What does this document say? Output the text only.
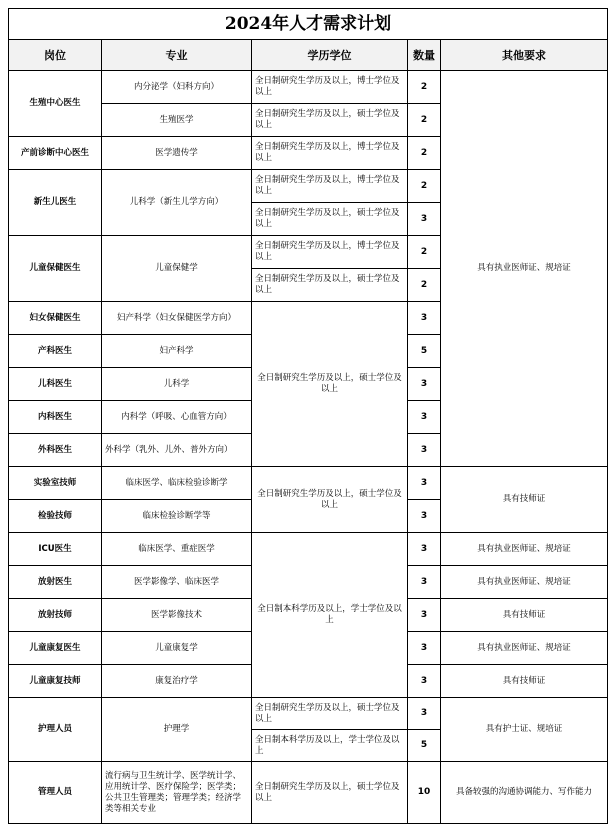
2024年人才需求计划				
岗位	专业	学历学位	数量	其他要求
生殖中心医生	内分泌学（妇科方向）	全日制研究生学历及以上，博士学位及以上	2	具有执业医师证、规培证
	生殖医学	全日制研究生学历及以上，硕士学位及以上	2	
产前诊断中心医生	医学遗传学	全日制研究生学历及以上，博士学位及以上	2	
新生儿医生	儿科学（新生儿学方向）	全日制研究生学历及以上，博士学位及以上	2	
		全日制研究生学历及以上，硕士学位及以上	3	
儿童保健医生	儿童保健学	全日制研究生学历及以上，博士学位及以上	2	
		全日制研究生学历及以上，硕士学位及以上	2	
妇女保健医生	妇产科学（妇女保健医学方向）	全日制研究生学历及以上，硕士学位及以上	3	
产科医生	妇产科学		5	
儿科医生	儿科学		3	
内科医生	内科学（呼吸、心血管方向）		3	
外科医生	外科学（乳外、儿外、普外方向）		3	
实验室技师	临床医学、临床检验诊断学	全日制研究生学历及以上，硕士学位及以上	3	具有技师证
检验技师	临床检验诊断学等		3	
ICU医生	临床医学、重症医学	全日制本科学历及以上，学士学位及以上	3	具有执业医师证、规培证
放射医生	医学影像学、临床医学		3	具有执业医师证、规培证
放射技师	医学影像技术		3	具有技师证
儿童康复医生	儿童康复学		3	具有执业医师证、规培证
儿童康复技师	康复治疗学		3	具有技师证
护理人员	护理学	全日制研究生学历及以上，硕士学位及以上	3	具有护士证、规培证
		全日制本科学历及以上，学士学位及以上	5	
管理人员	流行病与卫生统计学、医学统计学、应用统计学、医疗保险学；医学类；公共卫生管理类；管理学类；经济学类等相关专业	全日制研究生学历及以上，硕士学位及以上	10	具备较强的沟通协调能力、写作能力
